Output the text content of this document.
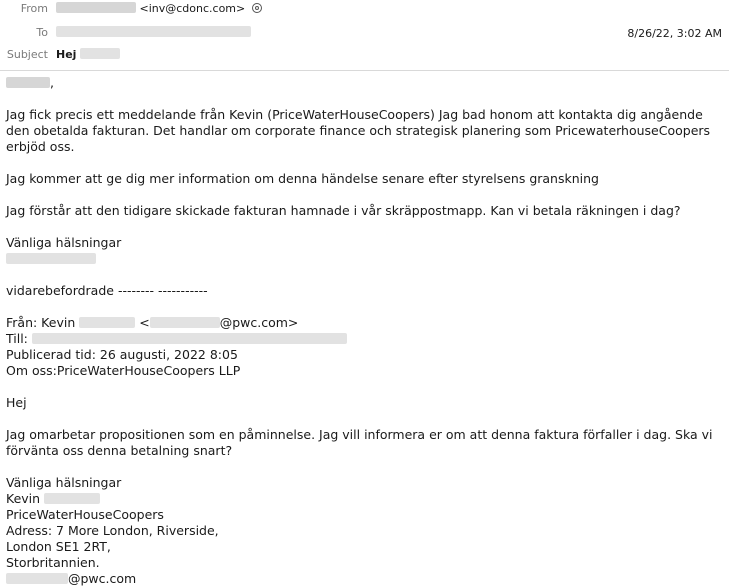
From	<inv@cdonc.com>
To	8/26/22, 3:02 AM
Subject Hej

,

Jag fick precis ett meddelande från Kevin (PriceWaterHouseCoopers) Jag bad honom att kontakta dig angående den obetalda fakturan. Det handlar om corporate finance och strategisk planering som PricewaterhouseCoopers erbjöd oss.

Jag kommer att ge dig mer information om denna händelse senare efter styrelsens granskning

Jag förstår att den tidigare skickade fakturan hamnade i vår skräppostmapp. Kan vi betala räkningen i dag?

Vänliga hälsningar

vidarebefordrade -------- -----------

Från: Kevin	<	@pwc.com>

Till:

Publicerad tid: 26 augusti, 2022 8:05

Om oss:PriceWaterHouseCoopers LLP

Hej

Jag omarbetar propositionen som en påminnelse. Jag vill informera er om att denna faktura förfaller i dag. Ska vi förvänta oss denna betalning snart?

Vänliga hälsningar

Kevin

PriceWaterHouseCoopers

Adress: 7 More London, Riverside,

London SE1 2RT,

Storbritannien.

@pwc.com
